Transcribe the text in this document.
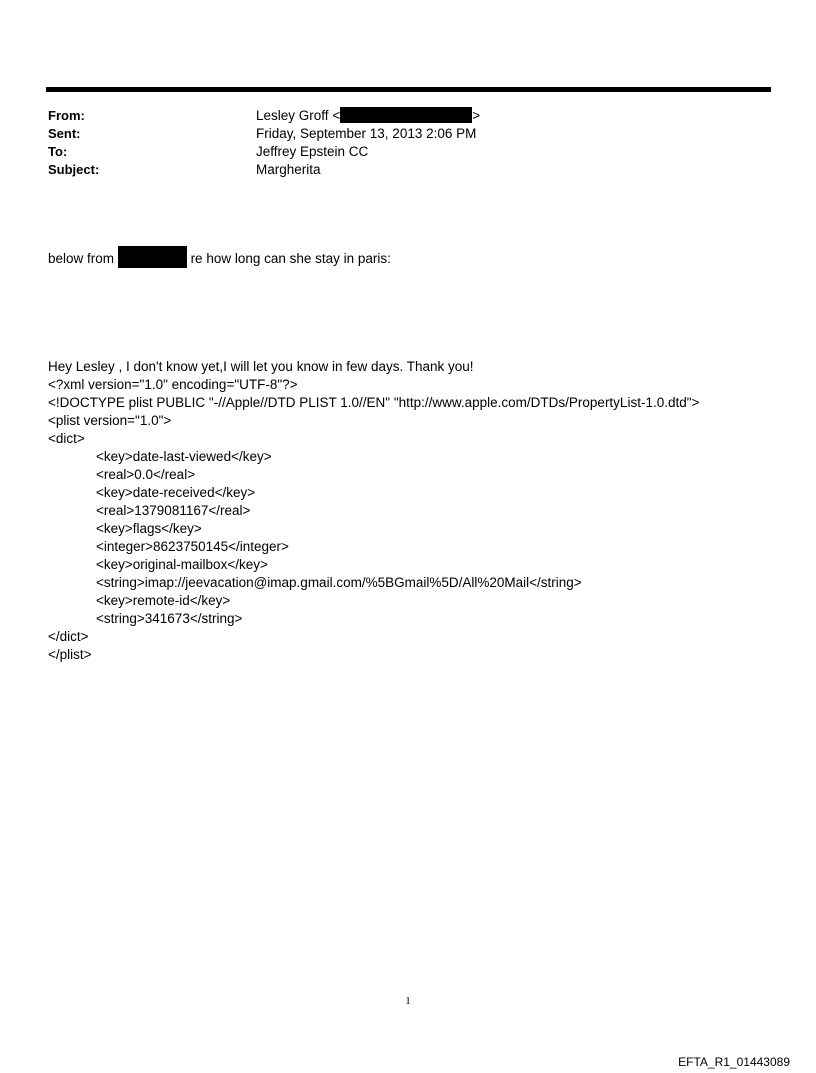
From:	Lesley Groff <	>
Sent:	Friday, September 13, 2013 2:06 PM
To:	Jeffrey Epstein CC
Subject:	Margherita

below from	re how long can she stay in paris:

Hey Lesley , I don't know yet,I will let you know in few days. Thank you!
<?xml version="1.0" encoding="UTF-8"?>
<!DOCTYPE plist PUBLIC "-//Apple//DTD PLIST 1.0//EN" "http://www.apple.com/DTDs/PropertyList-1.0.dtd">
<plist version="1.0">
<dict>
<key>date-last-viewed</key>
<real>0.0</real>
<key>date-received</key>
<real>1379081167</real>
<key>flags</key>
<integer>8623750145</integer>
<key>original-mailbox</key>
<string>imap://jeevacation@imap.gmail.com/%5BGmail%5D/All%20Mail</string>
<key>remote-id</key>
<string>341673</string>
</dict>
</plist>

1
EFTA_R1_01443089
